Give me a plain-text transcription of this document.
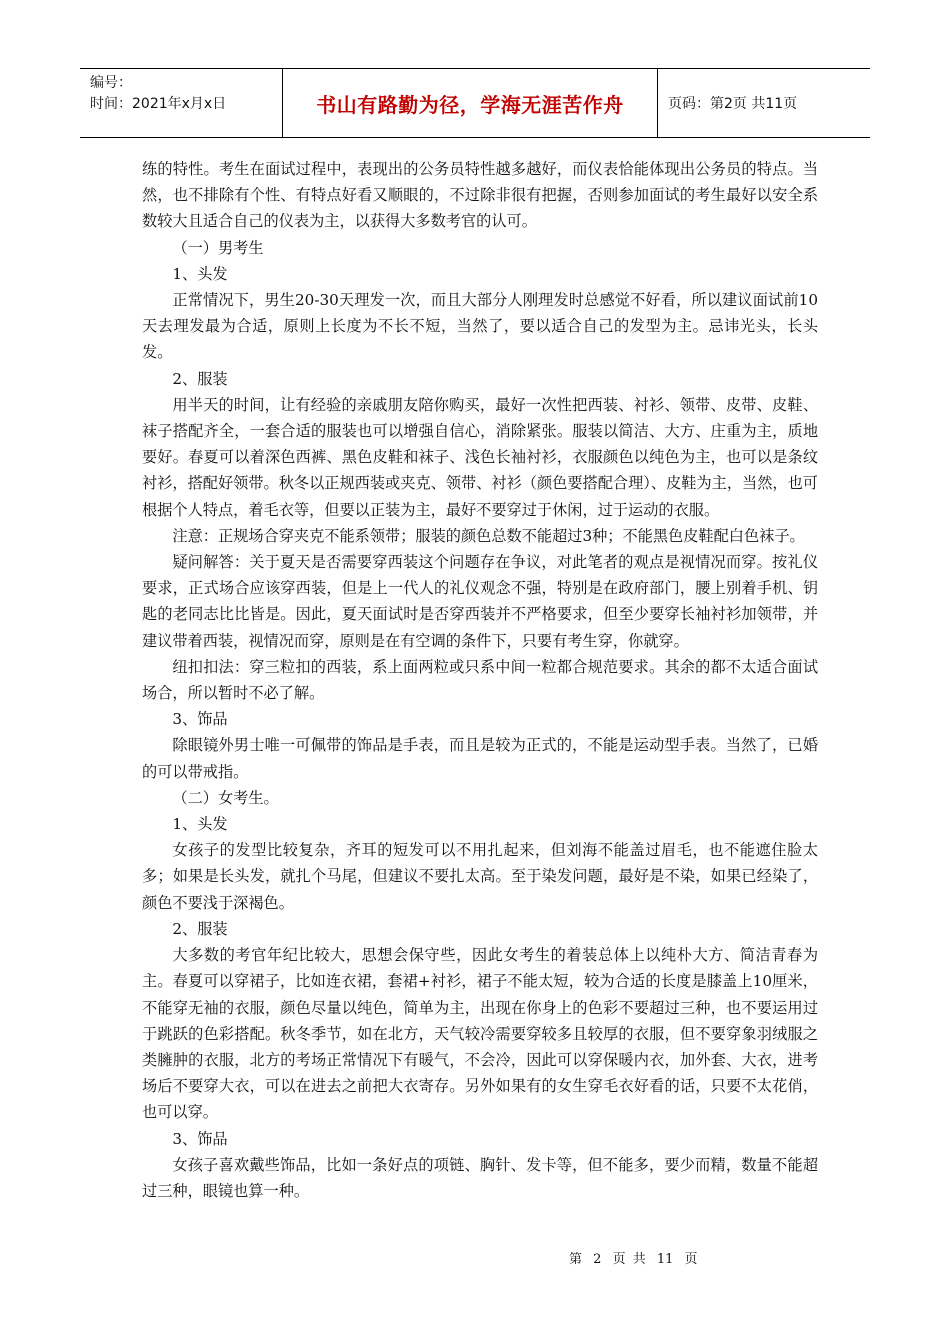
编号：
时间：2021年x月x日	书山有路勤为径，学海无涯苦作舟	页码：第2页 共11页

练的特性。考生在面试过程中，表现出的公务员特性越多越好，而仪表恰能体现出公务员的特点。当然，也不排除有个性、有特点好看又顺眼的，不过除非很有把握，否则参加面试的考生最好以安全系数较大且适合自己的仪表为主，以获得大多数考官的认可。

（一）男考生

1、头发

正常情况下，男生20-30天理发一次，而且大部分人刚理发时总感觉不好看，所以建议面试前10天去理发最为合适，原则上长度为不长不短，当然了，要以适合自己的发型为主。忌讳光头，长头发。

2、服装

用半天的时间，让有经验的亲戚朋友陪你购买，最好一次性把西装、衬衫、领带、皮带、皮鞋、袜子搭配齐全，一套合适的服装也可以增强自信心，消除紧张。服装以简洁、大方、庄重为主，质地要好。春夏可以着深色西裤、黑色皮鞋和袜子、浅色长袖衬衫，衣服颜色以纯色为主，也可以是条纹衬衫，搭配好领带。秋冬以正规西装或夹克、领带、衬衫（颜色要搭配合理）、皮鞋为主，当然，也可根据个人特点，着毛衣等，但要以正装为主，最好不要穿过于休闲，过于运动的衣服。

注意：正规场合穿夹克不能系领带；服装的颜色总数不能超过3种；不能黑色皮鞋配白色袜子。

疑问解答：关于夏天是否需要穿西装这个问题存在争议，对此笔者的观点是视情况而穿。按礼仪要求，正式场合应该穿西装，但是上一代人的礼仪观念不强，特别是在政府部门，腰上别着手机、钥匙的老同志比比皆是。因此，夏天面试时是否穿西装并不严格要求，但至少要穿长袖衬衫加领带，并建议带着西装，视情况而穿，原则是在有空调的条件下，只要有考生穿，你就穿。

纽扣扣法：穿三粒扣的西装，系上面两粒或只系中间一粒都合规范要求。其余的都不太适合面试场合，所以暂时不必了解。

3、饰品

除眼镜外男士唯一可佩带的饰品是手表，而且是较为正式的，不能是运动型手表。当然了，已婚的可以带戒指。

（二）女考生。

1、头发

女孩子的发型比较复杂，齐耳的短发可以不用扎起来，但刘海不能盖过眉毛，也不能遮住脸太多；如果是长头发，就扎个马尾，但建议不要扎太高。至于染发问题，最好是不染，如果已经染了，颜色不要浅于深褐色。

2、服装

大多数的考官年纪比较大，思想会保守些，因此女考生的着装总体上以纯朴大方、简洁青春为主。春夏可以穿裙子，比如连衣裙，套裙+衬衫，裙子不能太短，较为合适的长度是膝盖上10厘米，不能穿无袖的衣服，颜色尽量以纯色，简单为主，出现在你身上的色彩不要超过三种，也不要运用过于跳跃的色彩搭配。秋冬季节，如在北方，天气较冷需要穿较多且较厚的衣服，但不要穿象羽绒服之类臃肿的衣服，北方的考场正常情况下有暖气，不会冷，因此可以穿保暖内衣，加外套、大衣，进考场后不要穿大衣，可以在进去之前把大衣寄存。另外如果有的女生穿毛衣好看的话，只要不太花俏，也可以穿。

3、饰品

女孩子喜欢戴些饰品，比如一条好点的项链、胸针、发卡等，但不能多，要少而精，数量不能超过三种，眼镜也算一种。

第 2 页 共 11 页
